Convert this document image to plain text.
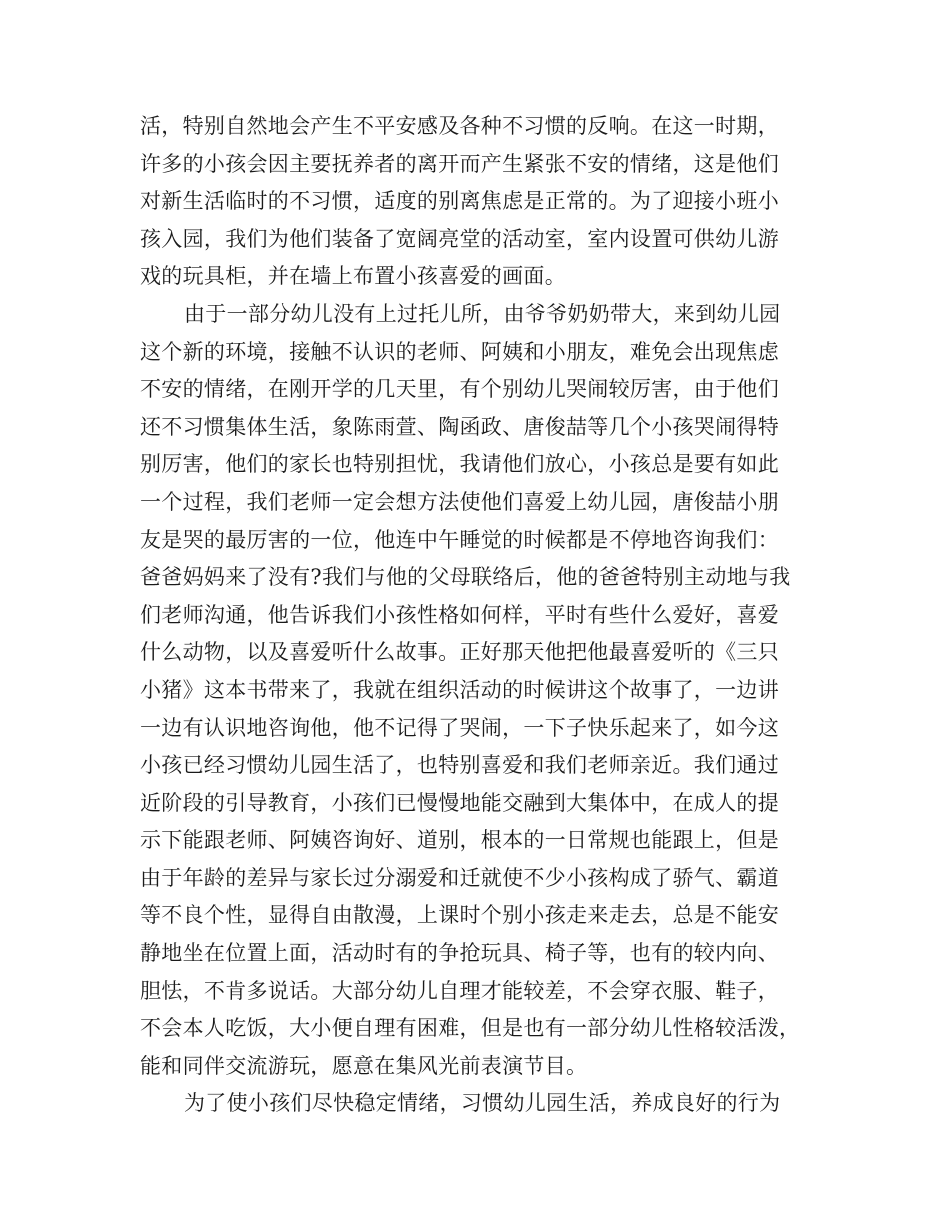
活，特别自然地会产生不平安感及各种不习惯的反响。在这一时期，
许多的小孩会因主要抚养者的离开而产生紧张不安的情绪，这是他们
对新生活临时的不习惯，适度的别离焦虑是正常的。为了迎接小班小
孩入园，我们为他们装备了宽阔亮堂的活动室，室内设置可供幼儿游
戏的玩具柜，并在墙上布置小孩喜爱的画面。
由于一部分幼儿没有上过托儿所，由爷爷奶奶带大，来到幼儿园
这个新的环境，接触不认识的老师、阿姨和小朋友，难免会出现焦虑
不安的情绪，在刚开学的几天里，有个别幼儿哭闹较厉害，由于他们
还不习惯集体生活，象陈雨萱、陶函政、唐俊喆等几个小孩哭闹得特
别厉害，他们的家长也特别担忧，我请他们放心，小孩总是要有如此
一个过程，我们老师一定会想方法使他们喜爱上幼儿园，唐俊喆小朋
友是哭的最厉害的一位，他连中午睡觉的时候都是不停地咨询我们：
爸爸妈妈来了没有?我们与他的父母联络后，他的爸爸特别主动地与我
们老师沟通，他告诉我们小孩性格如何样，平时有些什么爱好，喜爱
什么动物，以及喜爱听什么故事。正好那天他把他最喜爱听的《三只
小猪》这本书带来了，我就在组织活动的时候讲这个故事了，一边讲
一边有认识地咨询他，他不记得了哭闹，一下子快乐起来了，如今这
小孩已经习惯幼儿园生活了，也特别喜爱和我们老师亲近。我们通过
近阶段的引导教育，小孩们已慢慢地能交融到大集体中，在成人的提
示下能跟老师、阿姨咨询好、道别，根本的一日常规也能跟上，但是
由于年龄的差异与家长过分溺爱和迁就使不少小孩构成了骄气、霸道
等不良个性，显得自由散漫，上课时个别小孩走来走去，总是不能安
静地坐在位置上面，活动时有的争抢玩具、椅子等，也有的较内向、
胆怯，不肯多说话。大部分幼儿自理才能较差，不会穿衣服、鞋子，
不会本人吃饭，大小便自理有困难，但是也有一部分幼儿性格较活泼，
能和同伴交流游玩，愿意在集风光前表演节目。
为了使小孩们尽快稳定情绪，习惯幼儿园生活，养成良好的行为
